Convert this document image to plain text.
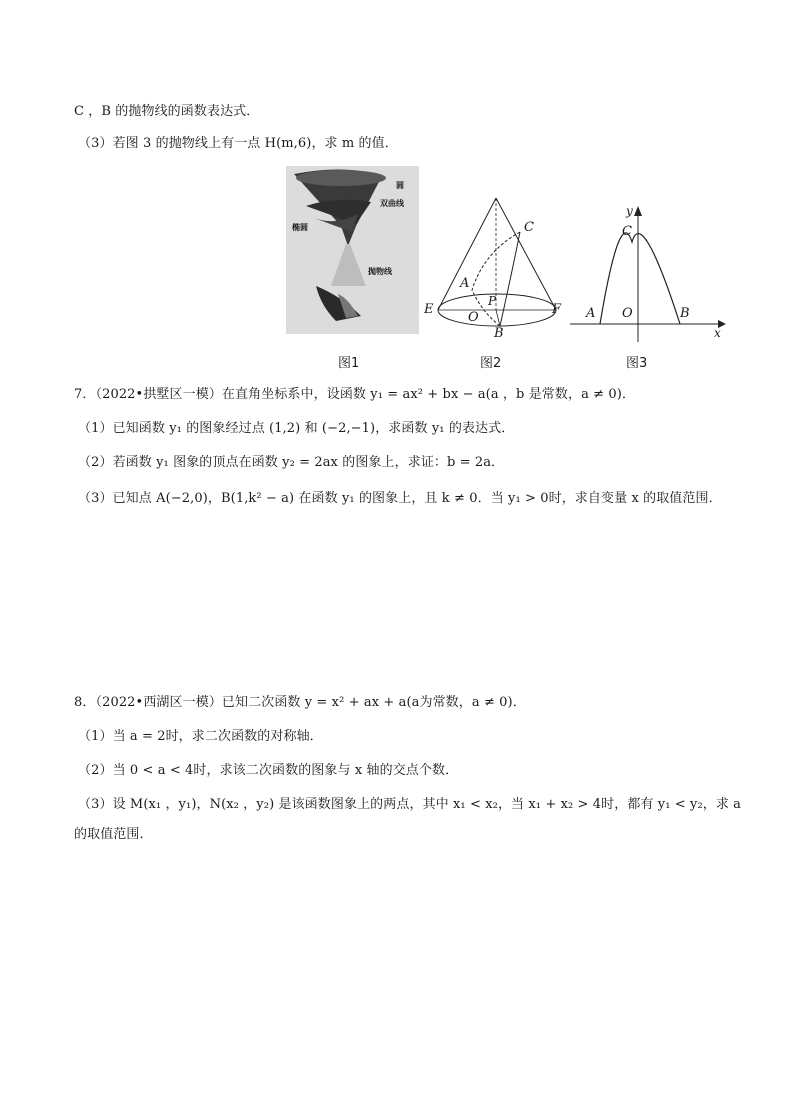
C ，B 的抛物线的函数表达式．
（3）若图 3 的抛物线上有一点 H(m,6)，求 m 的值．
圆
双曲线
椭圆
抛物线
C
A
P
E
O
F
B
y
C
A O	B
x
图1	图2	图3
7．（2022•拱墅区一模）在直角坐标系中，设函数 y₁ = ax² + bx − a(a ，b 是常数，a ≠ 0)．
（1）已知函数 y₁ 的图象经过点 (1,2) 和 (−2,−1)，求函数 y₁ 的表达式．
（2）若函数 y₁ 图象的顶点在函数 y₂ = 2ax 的图象上，求证：b = 2a．
（3）已知点 A(−2,0)，B(1,k² − a) 在函数 y₁ 的图象上，且 k ≠ 0．当 y₁ > 0时，求自变量 x 的取值范围．
8．（2022•西湖区一模）已知二次函数 y = x² + ax + a(a为常数，a ≠ 0)．
（1）当 a = 2时，求二次函数的对称轴．
（2）当 0 < a < 4时，求该二次函数的图象与 x 轴的交点个数．
（3）设 M(x₁ ，y₁)，N(x₂ ，y₂) 是该函数图象上的两点，其中 x₁ < x₂，当 x₁ + x₂ > 4时，都有 y₁ < y₂，求 a
的取值范围．
